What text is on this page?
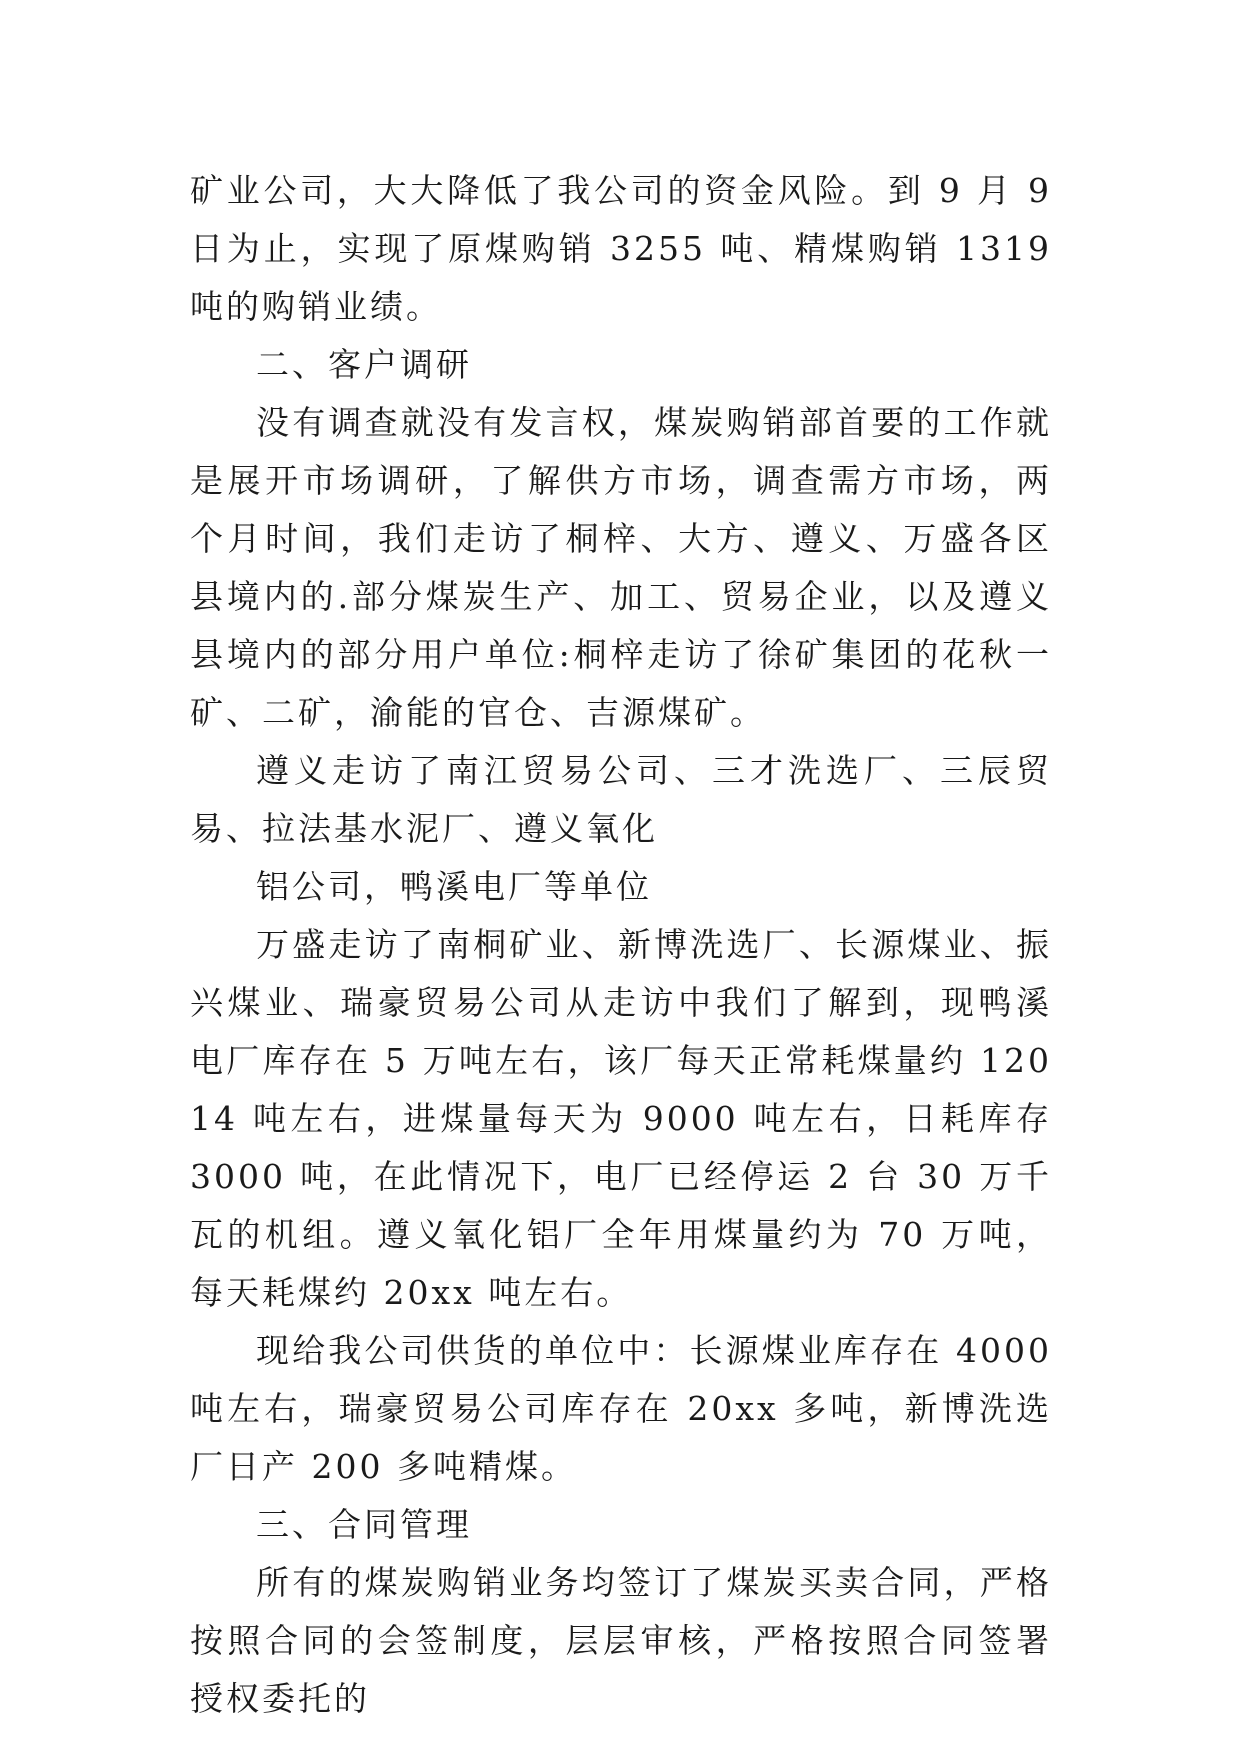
矿业公司，大大降低了我公司的资金风险。到 9 月 9 日为止，实现了原煤购销 3255 吨、精煤购销 1319 吨的购销业绩。

二、客户调研

没有调查就没有发言权，煤炭购销部首要的工作就是展开市场调研，了解供方市场，调查需方市场，两个月时间，我们走访了桐梓、大方、遵义、万盛各区县境内的.部分煤炭生产、加工、贸易企业，以及遵义县境内的部分用户单位:桐梓走访了徐矿集团的花秋一矿、二矿，渝能的官仓、吉源煤矿。

遵义走访了南江贸易公司、三才洗选厂、三辰贸易、拉法基水泥厂、遵义氧化

铝公司，鸭溪电厂等单位

万盛走访了南桐矿业、新博洗选厂、长源煤业、振兴煤业、瑞豪贸易公司从走访中我们了解到，现鸭溪电厂库存在 5 万吨左右，该厂每天正常耗煤量约 12014 吨左右，进煤量每天为 9000 吨左右，日耗库存 3000 吨，在此情况下，电厂已经停运 2 台 30 万千瓦的机组。遵义氧化铝厂全年用煤量约为 70 万吨，每天耗煤约 20xx 吨左右。

现给我公司供货的单位中：长源煤业库存在 4000 吨左右，瑞豪贸易公司库存在 20xx 多吨，新博洗选厂日产 200 多吨精煤。

三、合同管理

所有的煤炭购销业务均签订了煤炭买卖合同，严格按照合同的会签制度，层层审核，严格按照合同签署授权委托的
